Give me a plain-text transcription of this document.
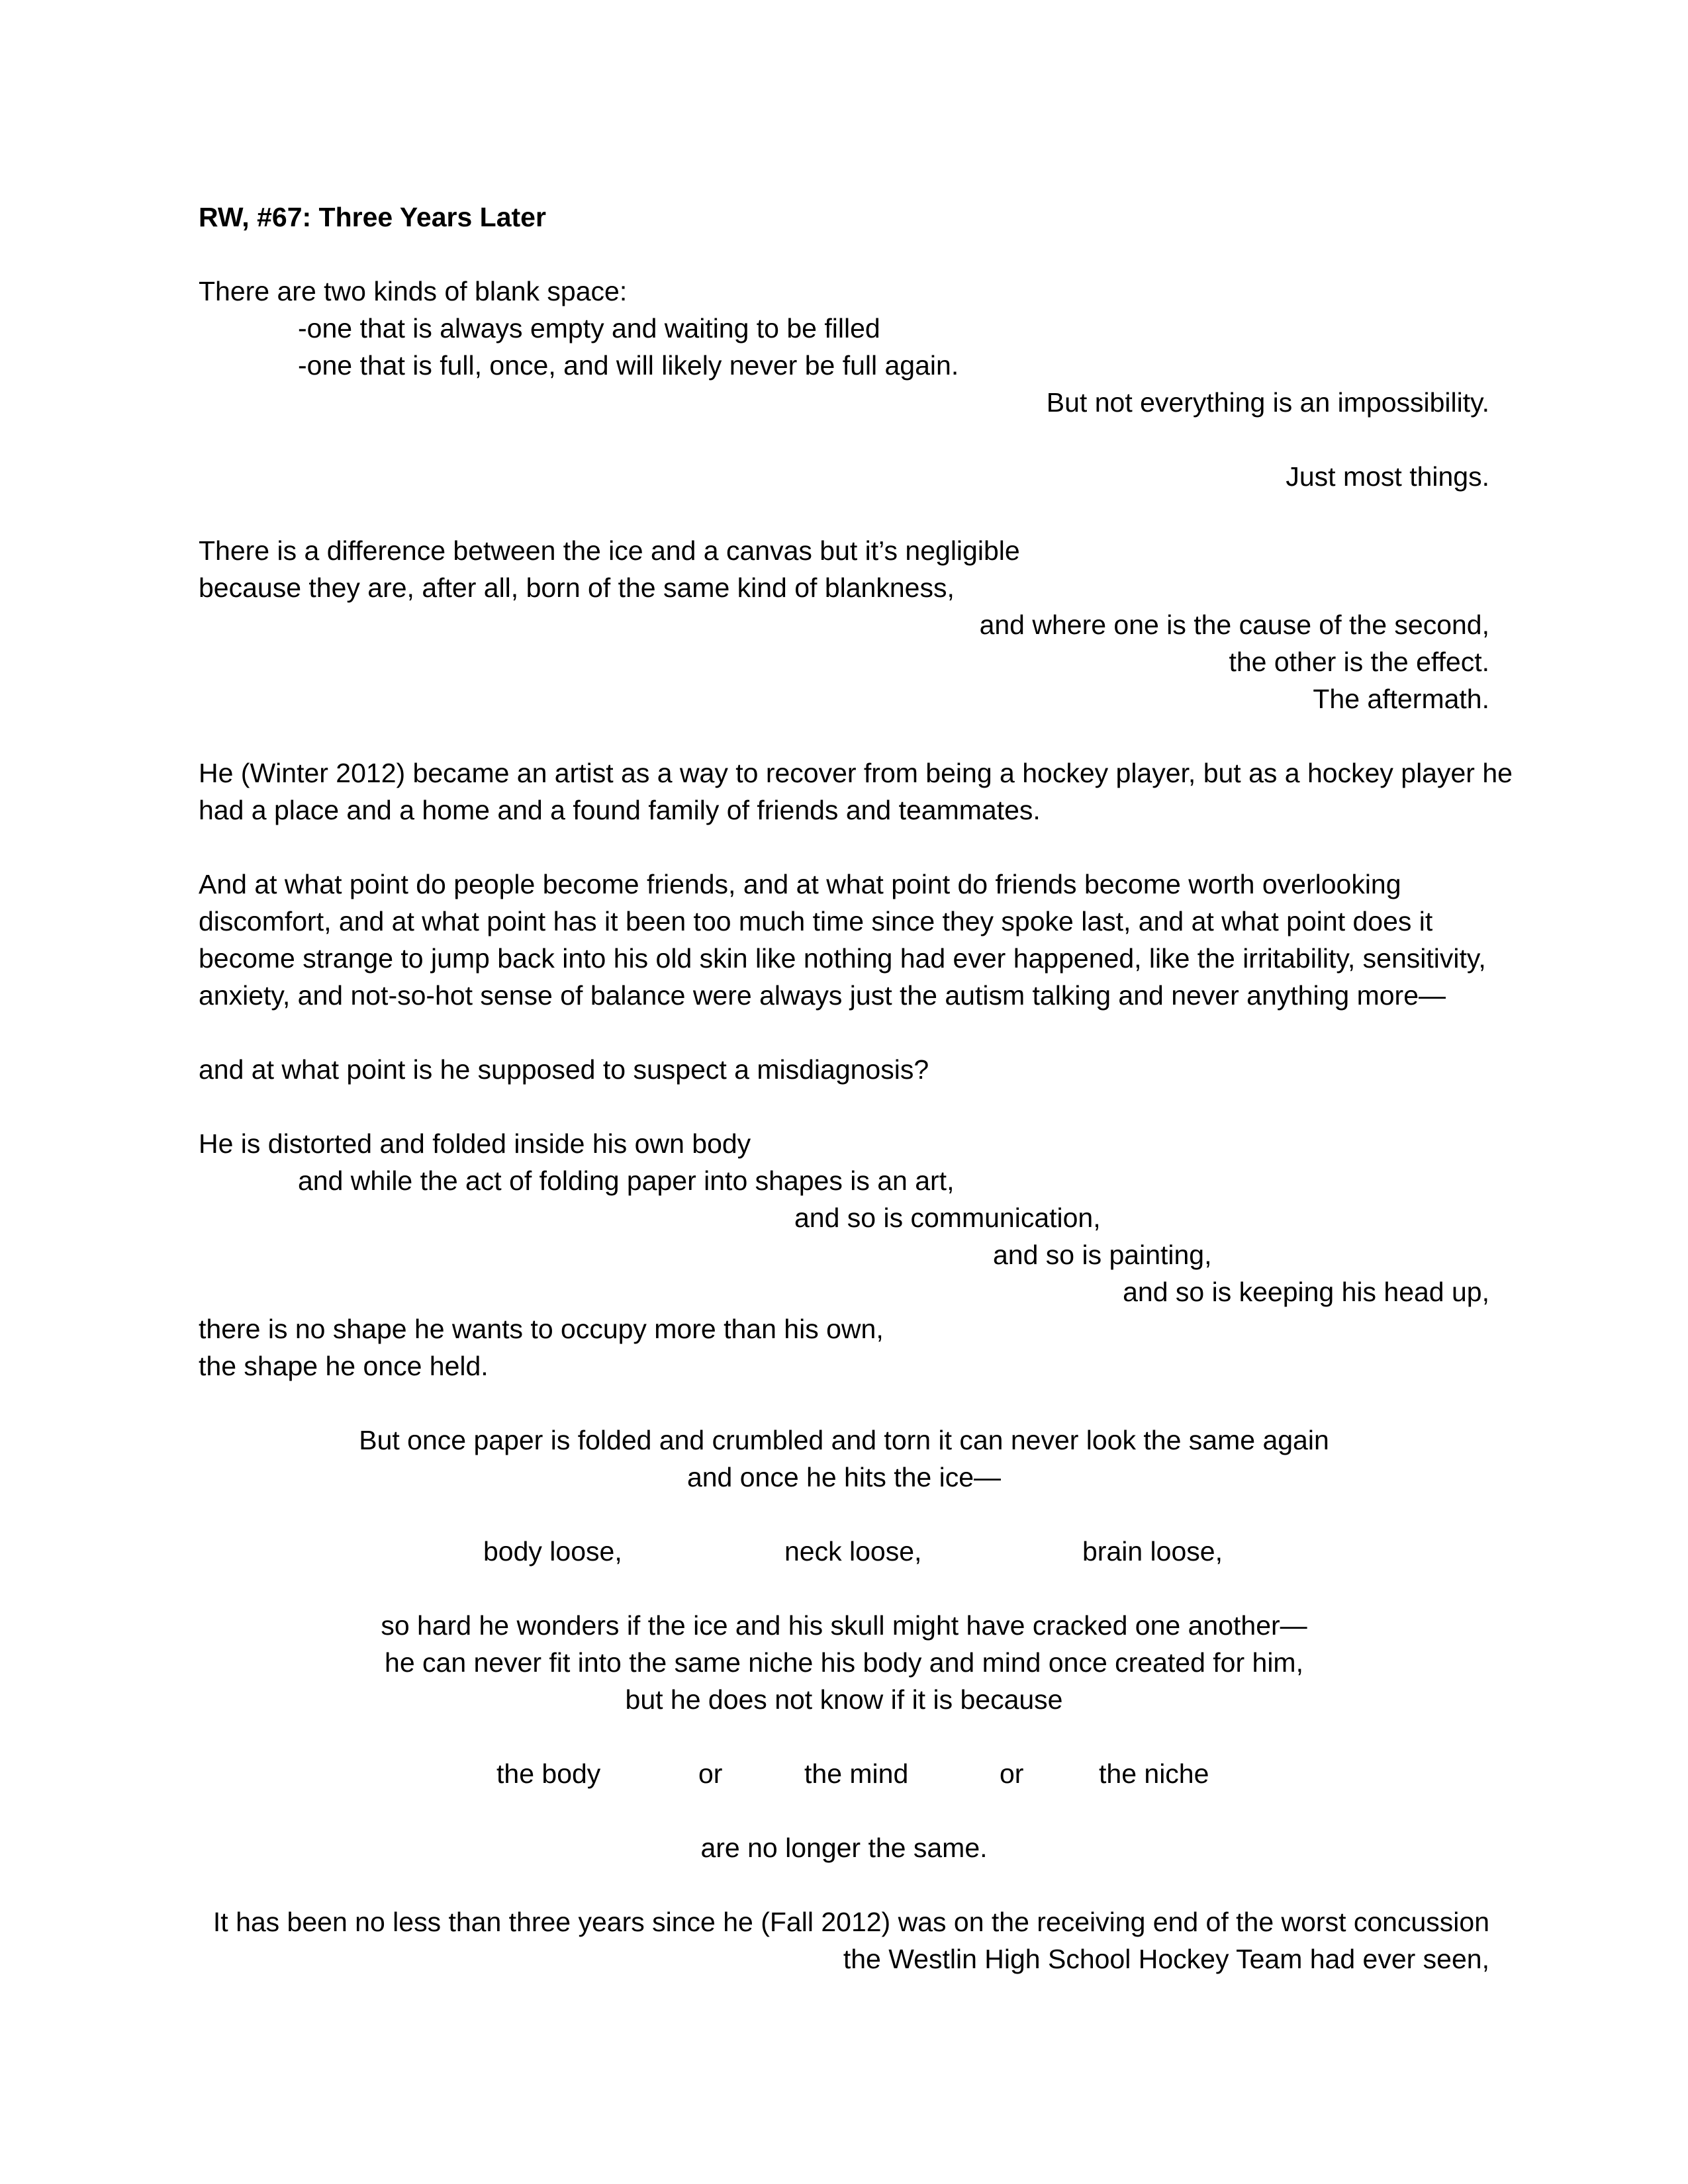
RW, #67: Three Years Later
There are two kinds of blank space:
-one that is always empty and waiting to be filled
-one that is full, once, and will likely never be full again.
But not everything is an impossibility.
Just most things.
There is a difference between the ice and a canvas but it’s negligible
because they are, after all, born of the same kind of blankness,
and where one is the cause of the second,
the other is the effect.
The aftermath.
He (Winter 2012) became an artist as a way to recover from being a hockey player, but as a hockey player he
had a place and a home and a found family of friends and teammates.
And at what point do people become friends, and at what point do friends become worth overlooking
discomfort, and at what point has it been too much time since they spoke last, and at what point does it
become strange to jump back into his old skin like nothing had ever happened, like the irritability, sensitivity,
anxiety, and not-so-hot sense of balance were always just the autism talking and never anything more—
and at what point is he supposed to suspect a misdiagnosis?
He is distorted and folded inside his own body
and while the act of folding paper into shapes is an art,
and so is communication,
and so is painting,
and so is keeping his head up,
there is no shape he wants to occupy more than his own,
the shape he once held.
But once paper is folded and crumbled and torn it can never look the same again
and once he hits the ice—
body loose,	neck loose,	brain loose,
so hard he wonders if the ice and his skull might have cracked one another—
he can never fit into the same niche his body and mind once created for him,
but he does not know if it is because
the body	or	the mind	or	the niche
are no longer the same.
It has been no less than three years since he (Fall 2012) was on the receiving end of the worst concussion
the Westlin High School Hockey Team had ever seen,
